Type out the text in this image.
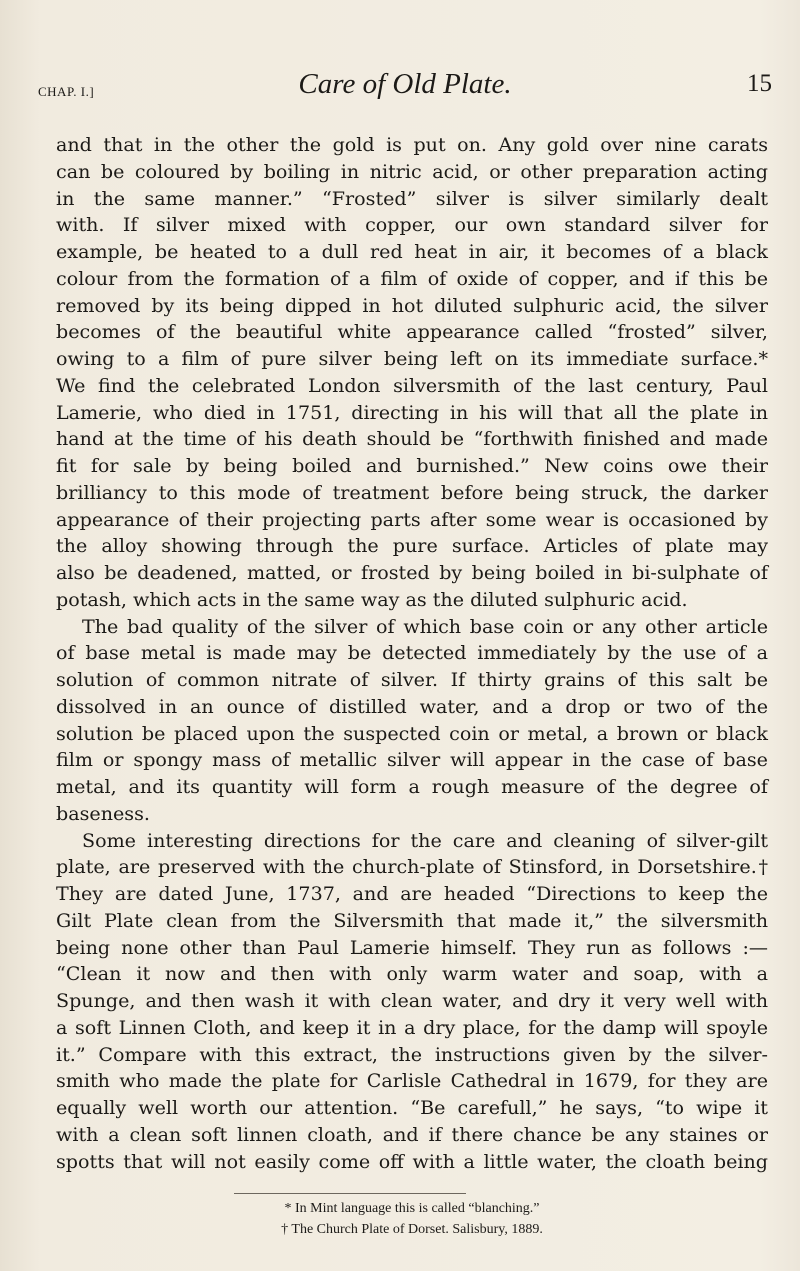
CHAP. I.]	Care of Old Plate.	15
and that in the other the gold is put on. Any gold over nine carats
can be coloured by boiling in nitric acid, or other preparation acting
in the same manner.” “Frosted” silver is silver similarly dealt
with. If silver mixed with copper, our own standard silver for
example, be heated to a dull red heat in air, it becomes of a black
colour from the formation of a film of oxide of copper, and if this be
removed by its being dipped in hot diluted sulphuric acid, the silver
becomes of the beautiful white appearance called “frosted” silver,
owing to a film of pure silver being left on its immediate surface.*
We find the celebrated London silversmith of the last century, Paul
Lamerie, who died in 1751, directing in his will that all the plate in
hand at the time of his death should be “forthwith finished and made
fit for sale by being boiled and burnished.” New coins owe their
brilliancy to this mode of treatment before being struck, the darker
appearance of their projecting parts after some wear is occasioned by
the alloy showing through the pure surface. Articles of plate may
also be deadened, matted, or frosted by being boiled in bi-sulphate of
potash, which acts in the same way as the diluted sulphuric acid.
The bad quality of the silver of which base coin or any other article
of base metal is made may be detected immediately by the use of a
solution of common nitrate of silver. If thirty grains of this salt be
dissolved in an ounce of distilled water, and a drop or two of the
solution be placed upon the suspected coin or metal, a brown or black
film or spongy mass of metallic silver will appear in the case of base
metal, and its quantity will form a rough measure of the degree of
baseness.
Some interesting directions for the care and cleaning of silver-gilt
plate, are preserved with the church-plate of Stinsford, in Dorsetshire.†
They are dated June, 1737, and are headed “Directions to keep the
Gilt Plate clean from the Silversmith that made it,” the silversmith
being none other than Paul Lamerie himself. They run as follows :—
“Clean it now and then with only warm water and soap, with a
Spunge, and then wash it with clean water, and dry it very well with
a soft Linnen Cloth, and keep it in a dry place, for the damp will spoyle
it.” Compare with this extract, the instructions given by the silver-
smith who made the plate for Carlisle Cathedral in 1679, for they are
equally well worth our attention. “Be carefull,” he says, “to wipe it
with a clean soft linnen cloath, and if there chance be any staines or
spotts that will not easily come off with a little water, the cloath being
* In Mint language this is called “blanching.”
† The Church Plate of Dorset. Salisbury, 1889.
